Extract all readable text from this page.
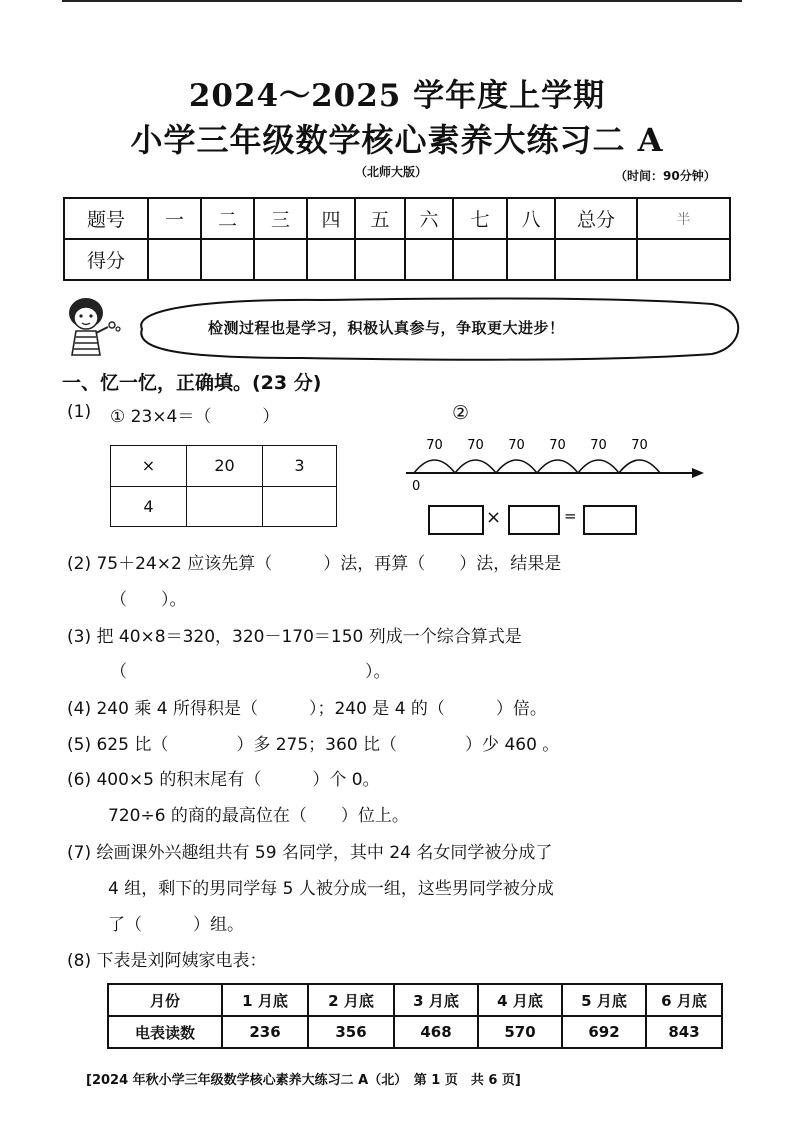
2024～2025 学年度上学期
小学三年级数学核心素养大练习二 A
（北师大版）	（时间：90分钟）
题号	一	二	三	四	五	六	七	八	总分	半
得分										
检测过程也是学习，积极认真参与，争取更大进步！
一、忆一忆，正确填。(23 分)
(1) ① 23×4＝（　　　）	②
×	20	3
4		
70 70 70 70 70 70
0
×	=
(2) 75＋24×2 应该先算（　　　）法，再算（　　）法，结果是
（　　）。
(3) 把 40×8＝320，320－170＝150 列成一个综合算式是
（　　　　　　　　　　　　　　）。
(4) 240 乘 4 所得积是（　　　）；240 是 4 的（　　　）倍。
(5) 625 比（　　　　）多 275；360 比（　　　　）少 460 。
(6) 400×5 的积末尾有（　　　）个 0。
720÷6 的商的最高位在（　　）位上。
(7) 绘画课外兴趣组共有 59 名同学，其中 24 名女同学被分成了
4 组，剩下的男同学每 5 人被分成一组，这些男同学被分成
了（　　　）组。
(8) 下表是刘阿姨家电表：
月份	1 月底	2 月底	3 月底	4 月底	5 月底	6 月底
电表读数	236	356	468	570	692	843
[2024 年秋小学三年级数学核心素养大练习二 A（北）　第 1 页　共 6 页]
